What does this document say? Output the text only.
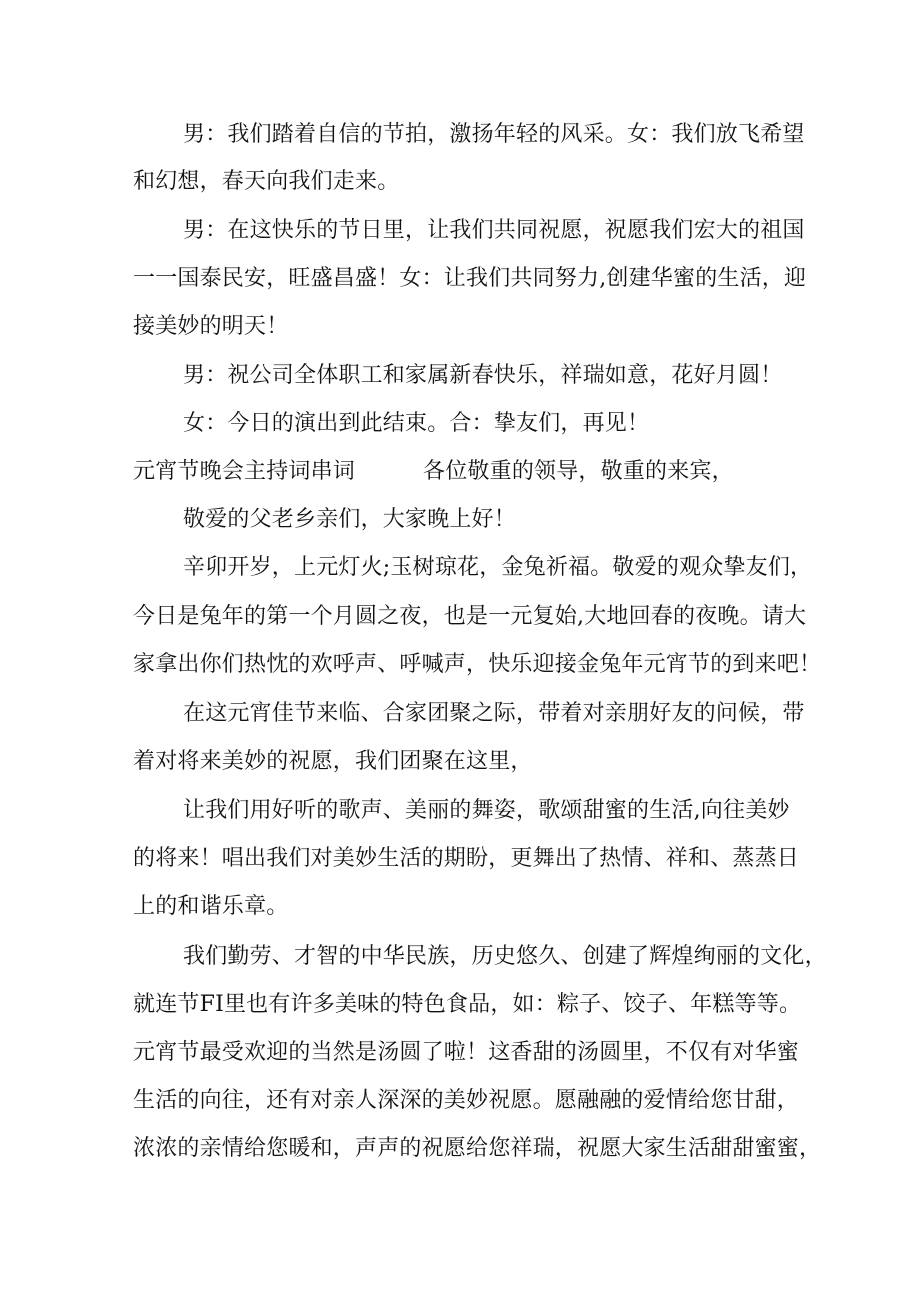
男：我们踏着自信的节拍，激扬年轻的风采。女：我们放飞希望
和幻想，春天向我们走来。
男：在这快乐的节日里，让我们共同祝愿，祝愿我们宏大的祖国
一一国泰民安，旺盛昌盛！女：让我们共同努力,创建华蜜的生活，迎
接美妙的明天！
男：祝公司全体职工和家属新春快乐，祥瑞如意，花好月圆！
女：今日的演出到此结束。合：挚友们，再见！
元宵节晚会主持词串词	各位敬重的领导，敬重的来宾，
敬爱的父老乡亲们，大家晚上好！
辛卯开岁，上元灯火;玉树琼花，金兔祈福。敬爱的观众挚友们，
今日是兔年的第一个月圆之夜，也是一元复始,大地回春的夜晚。请大
家拿出你们热忱的欢呼声、呼喊声，快乐迎接金兔年元宵节的到来吧！
在这元宵佳节来临、合家团聚之际，带着对亲朋好友的问候，带
着对将来美妙的祝愿，我们团聚在这里，
让我们用好听的歌声、美丽的舞姿，歌颂甜蜜的生活,向往美妙
的将来！唱出我们对美妙生活的期盼，更舞出了热情、祥和、蒸蒸日
上的和谐乐章。
我们勤劳、才智的中华民族，历史悠久、创建了辉煌绚丽的文化，
就连节FI里也有许多美味的特色食品，如：粽子、饺子、年糕等等。
元宵节最受欢迎的当然是汤圆了啦！这香甜的汤圆里，不仅有对华蜜
生活的向往，还有对亲人深深的美妙祝愿。愿融融的爱情给您甘甜，
浓浓的亲情给您暖和，声声的祝愿给您祥瑞，祝愿大家生活甜甜蜜蜜，
